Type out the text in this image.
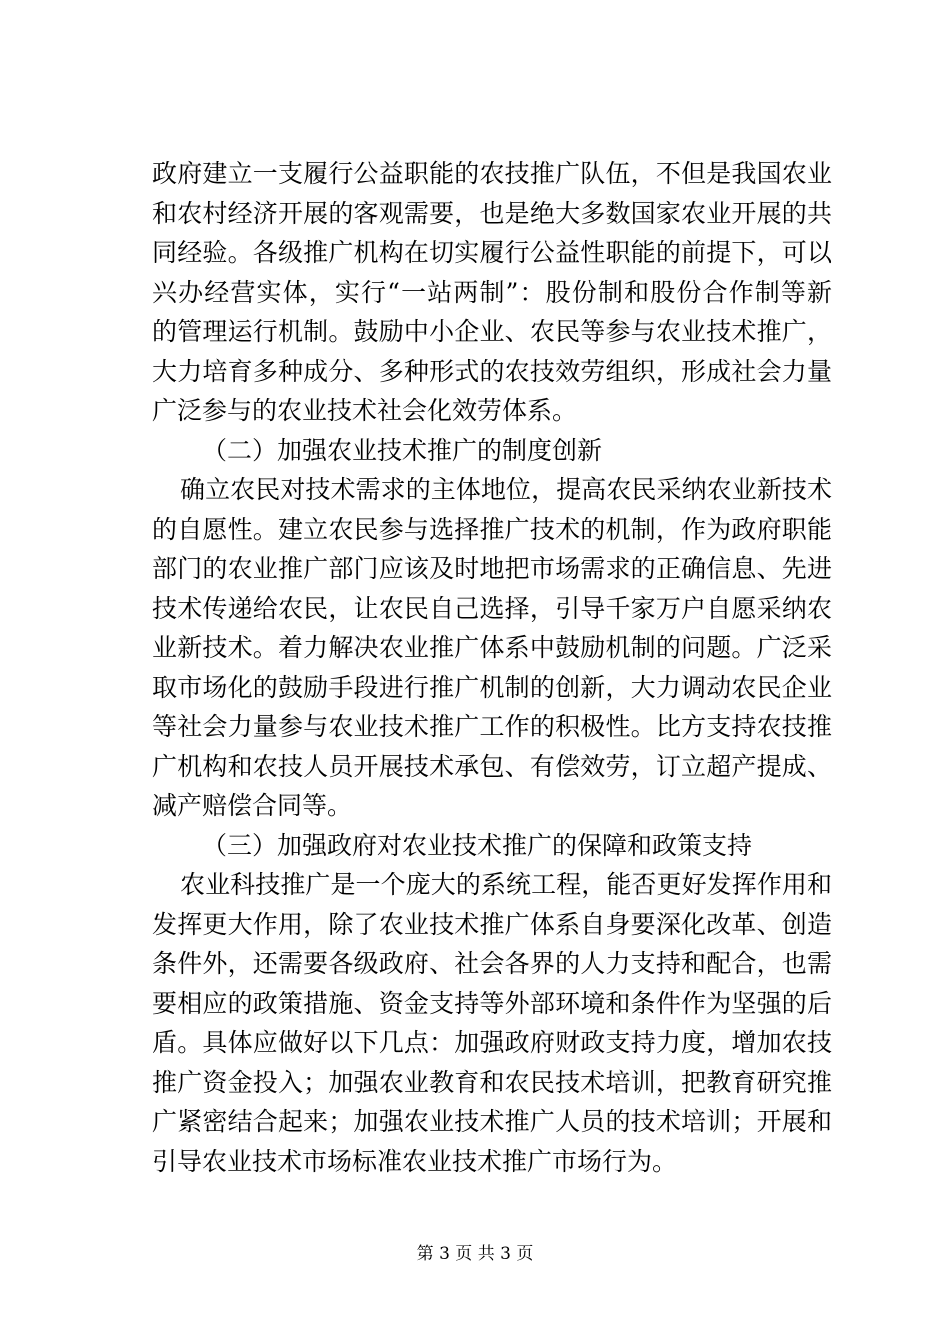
政府建立一支履行公益职能的农技推广队伍，不但是我国农业
和农村经济开展的客观需要，也是绝大多数国家农业开展的共
同经验。各级推广机构在切实履行公益性职能的前提下，可以
兴办经营实体，实行“一站两制”：股份制和股份合作制等新
的管理运行机制。鼓励中小企业、农民等参与农业技术推广，
大力培育多种成分、多种形式的农技效劳组织，形成社会力量
广泛参与的农业技术社会化效劳体系。
（二）加强农业技术推广的制度创新
确立农民对技术需求的主体地位，提高农民采纳农业新技术
的自愿性。建立农民参与选择推广技术的机制，作为政府职能
部门的农业推广部门应该及时地把市场需求的正确信息、先进
技术传递给农民，让农民自己选择，引导千家万户自愿采纳农
业新技术。着力解决农业推广体系中鼓励机制的问题。广泛采
取市场化的鼓励手段进行推广机制的创新，大力调动农民企业
等社会力量参与农业技术推广工作的积极性。比方支持农技推
广机构和农技人员开展技术承包、有偿效劳，订立超产提成、
减产赔偿合同等。
（三）加强政府对农业技术推广的保障和政策支持
农业科技推广是一个庞大的系统工程，能否更好发挥作用和
发挥更大作用，除了农业技术推广体系自身要深化改革、创造
条件外，还需要各级政府、社会各界的人力支持和配合，也需
要相应的政策措施、资金支持等外部环境和条件作为坚强的后
盾。具体应做好以下几点：加强政府财政支持力度，增加农技
推广资金投入；加强农业教育和农民技术培训，把教育研究推
广紧密结合起来；加强农业技术推广人员的技术培训；开展和
引导农业技术市场标准农业技术推广市场行为。
第 3 页 共 3 页
